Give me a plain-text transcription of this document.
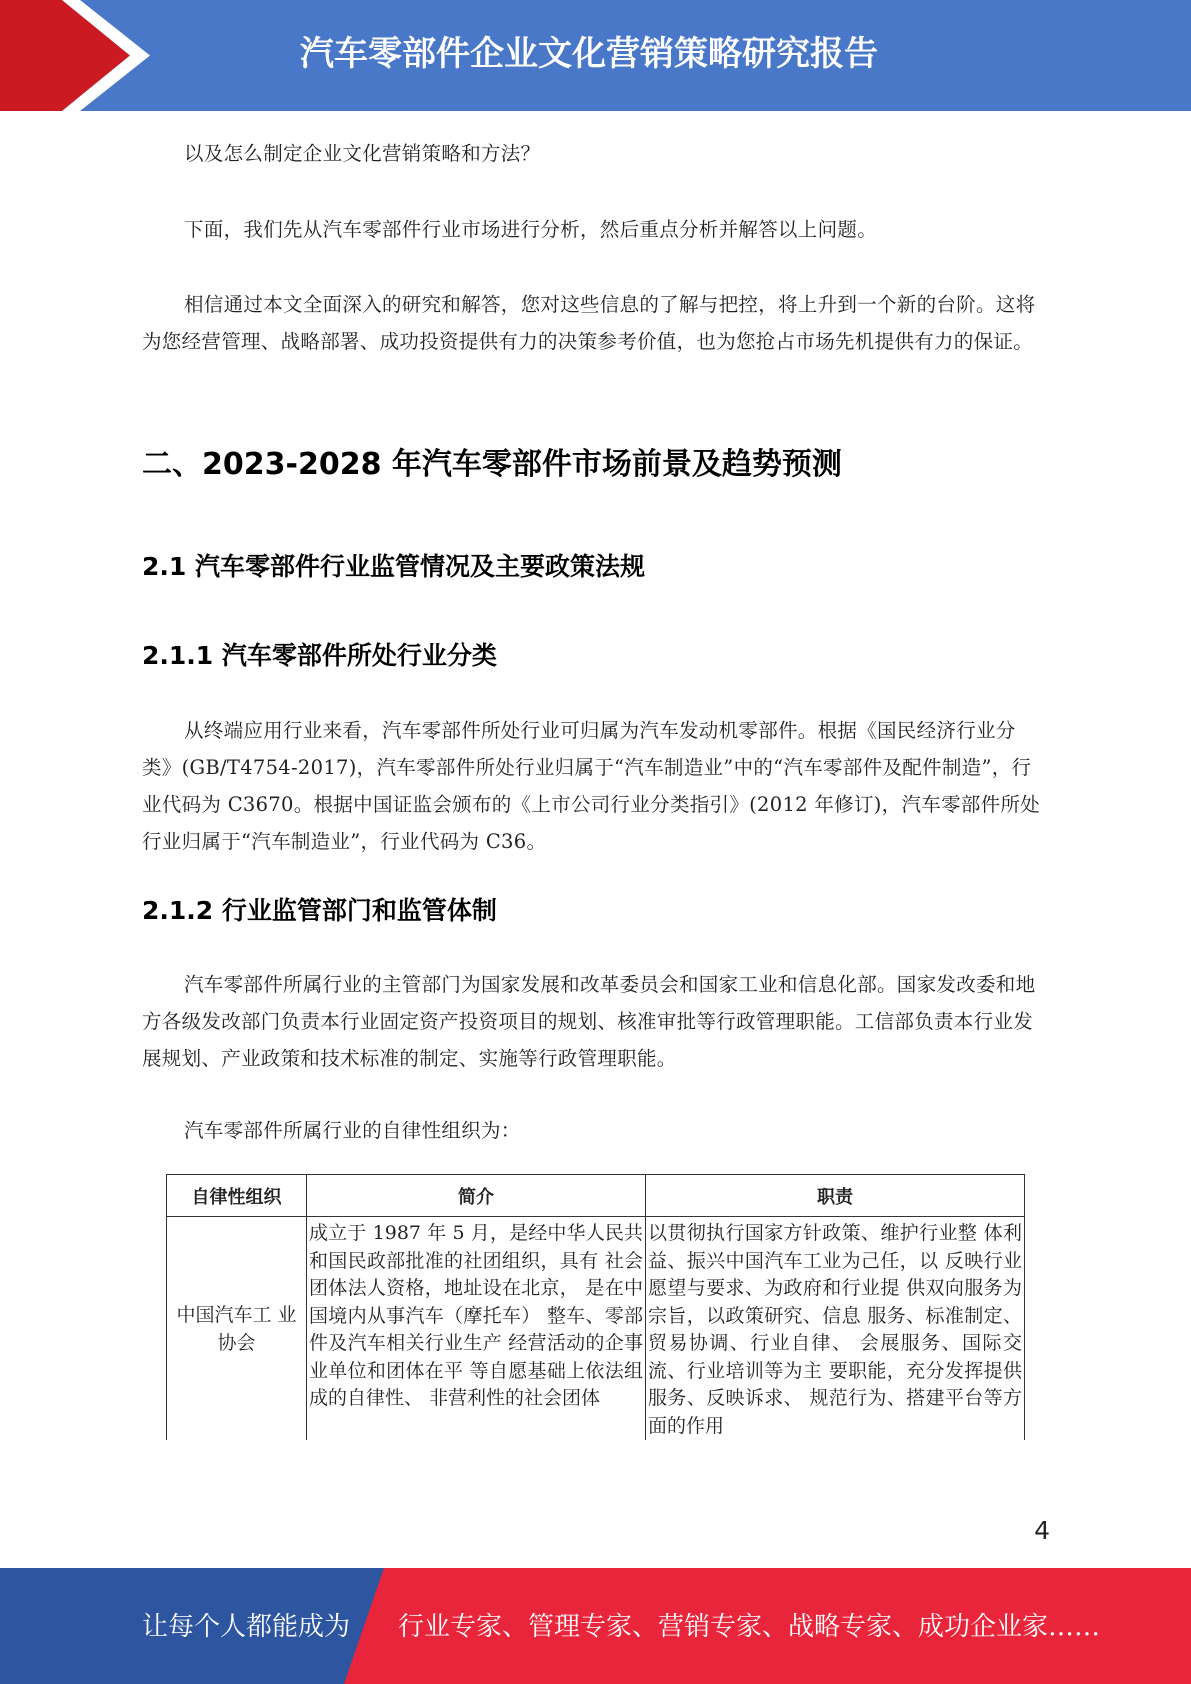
汽车零部件企业文化营销策略研究报告

以及怎么制定企业文化营销策略和方法？

下面，我们先从汽车零部件行业市场进行分析，然后重点分析并解答以上问题。

相信通过本文全面深入的研究和解答，您对这些信息的了解与把控，将上升到一个新的台阶。这将为您经营管理、战略部署、成功投资提供有力的决策参考价值，也为您抢占市场先机提供有力的保证。

二、2023-2028 年汽车零部件市场前景及趋势预测
2.1 汽车零部件行业监管情况及主要政策法规
2.1.1 汽车零部件所处行业分类

从终端应用行业来看，汽车零部件所处行业可归属为汽车发动机零部件。根据《国民经济行业分类》(GB/T4754-2017)，汽车零部件所处行业归属于“汽车制造业”中的“汽车零部件及配件制造”，行业代码为 C3670。根据中国证监会颁布的《上市公司行业分类指引》(2012 年修订)，汽车零部件所处行业归属于“汽车制造业”，行业代码为 C36。

2.1.2 行业监管部门和监管体制

汽车零部件所属行业的主管部门为国家发展和改革委员会和国家工业和信息化部。国家发改委和地方各级发改部门负责本行业固定资产投资项目的规划、核准审批等行政管理职能。工信部负责本行业发展规划、产业政策和技术标准的制定、实施等行政管理职能。

汽车零部件所属行业的自律性组织为：

自律性组织	简介	职责
中国汽车工 业协会	成立于 1987 年 5 月，是经中华人民共和国民政部批准的社团组织，具有 社会团体法人资格，地址设在北京， 是在中国境内从事汽车（摩托车） 整车、零部件及汽车相关行业生产 经营活动的企事业单位和团体在平 等自愿基础上依法组成的自律性、 非营利性的社会团体	以贯彻执行国家方针政策、维护行业整 体利益、振兴中国汽车工业为己任，以 反映行业愿望与要求、为政府和行业提 供双向服务为宗旨，以政策研究、信息 服务、标准制定、贸易协调、行业自律、 会展服务、国际交流、行业培训等为主 要职能，充分发挥提供服务、反映诉求、 规范行为、搭建平台等方面的作用
4
让每个人都能成为 行业专家、管理专家、营销专家、战略专家、成功企业家……
